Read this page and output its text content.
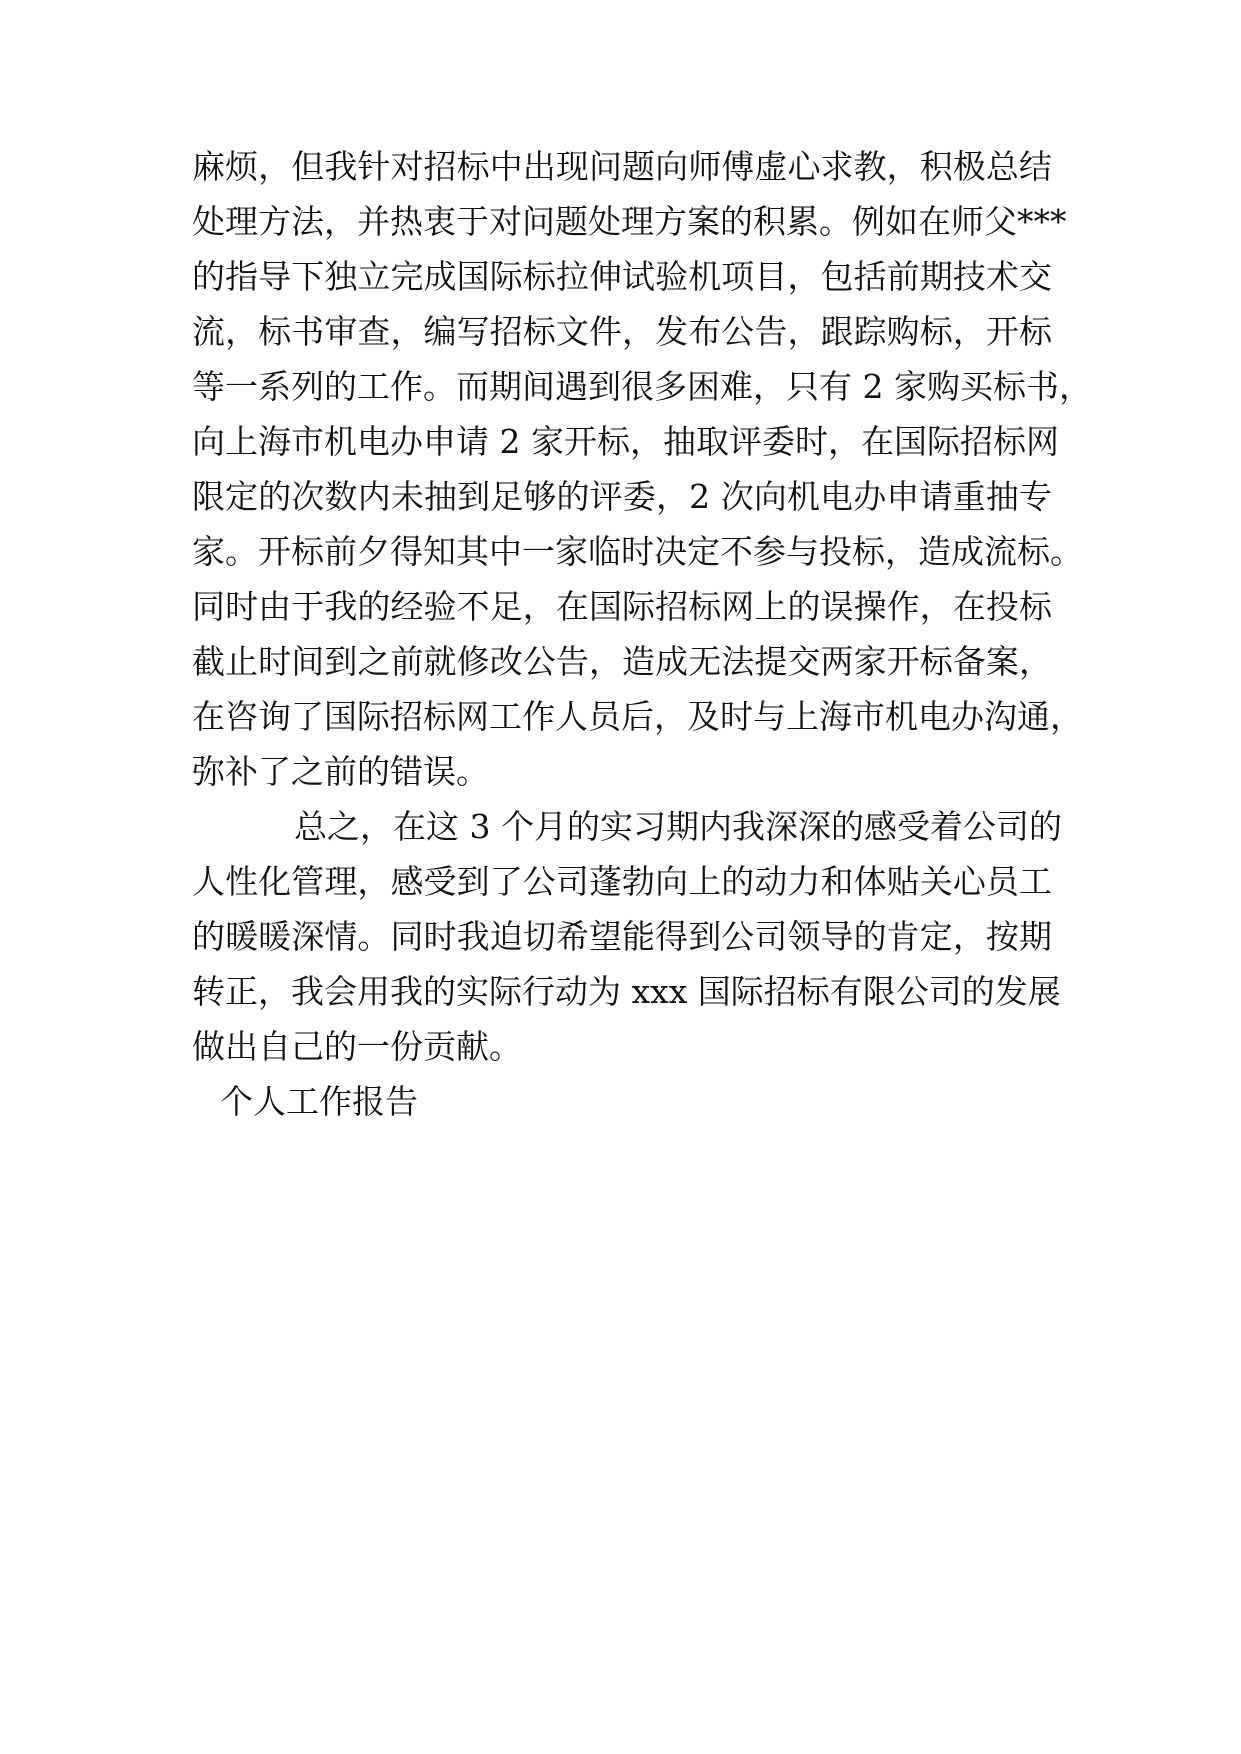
麻烦，但我针对招标中出现问题向师傅虚心求教，积极总结
处理方法，并热衷于对问题处理方案的积累。例如在师父***
的指导下独立完成国际标拉伸试验机项目，包括前期技术交
流，标书审查，编写招标文件，发布公告，跟踪购标，开标
等一系列的工作。而期间遇到很多困难，只有 2 家购买标书，
向上海市机电办申请 2 家开标，抽取评委时，在国际招标网
限定的次数内未抽到足够的评委，2 次向机电办申请重抽专
家。开标前夕得知其中一家临时决定不参与投标，造成流标。
同时由于我的经验不足，在国际招标网上的误操作，在投标
截止时间到之前就修改公告，造成无法提交两家开标备案，
在咨询了国际招标网工作人员后，及时与上海市机电办沟通，
弥补了之前的错误。
总之，在这 3 个月的实习期内我深深的感受着公司的
人性化管理，感受到了公司蓬勃向上的动力和体贴关心员工
的暖暖深情。同时我迫切希望能得到公司领导的肯定，按期
转正，我会用我的实际行动为 xxx 国际招标有限公司的发展
做出自己的一份贡献。
个人工作报告
